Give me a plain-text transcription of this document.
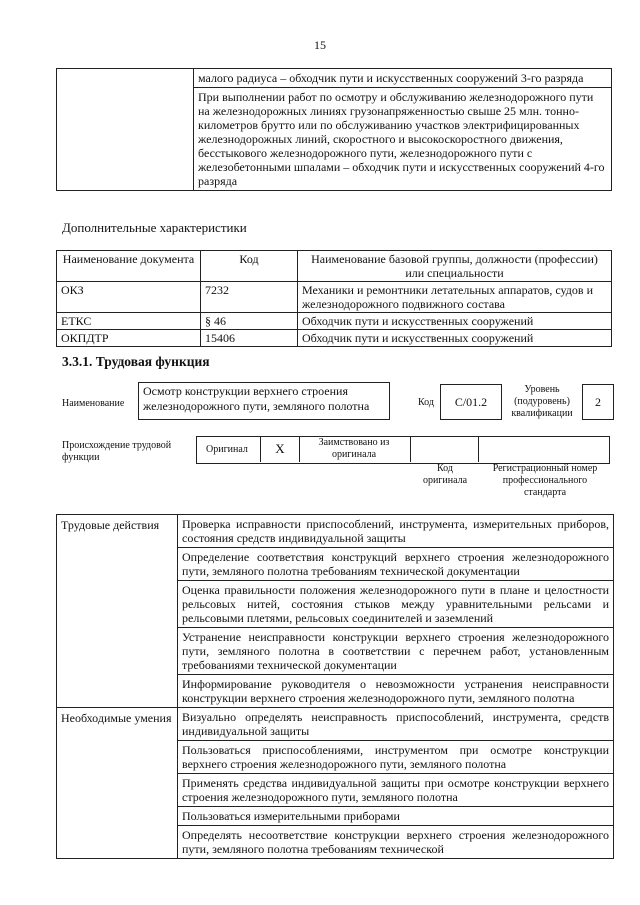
15
	малого радиуса – обходчик пути и искусственных сооружений 3-го разряда
При выполнении работ по осмотру и обслуживанию железнодорожного пути на железнодорожных линиях грузонапряженностью свыше 25 млн. тонно-километров брутто или по обслуживанию участков электрифицированных железнодорожных линий, скоростного и высокоскоростного движения, бесстыкового железнодорожного пути, железнодорожного пути с железобетонными шпалами – обходчик пути и искусственных сооружений 4-го разряда
Дополнительные характеристики
Наименование документа	Код	Наименование базовой группы, должности (профессии) или специальности
ОКЗ	7232	Механики и ремонтники летательных аппаратов, судов и железнодорожного подвижного состава
ЕТКС	§ 46	Обходчик пути и искусственных сооружений
ОКПДТР	15406	Обходчик пути и искусственных сооружений
3.3.1. Трудовая функция
Наименование
Осмотр конструкции верхнего строения железнодорожного пути, земляного полотна	Код	C/01.2
Уровень (подуровень) квалификации
2
Происхождение трудовой функции
Оригинал	X	Заимствовано из оригинала
Код оригинала
Регистрационный номер профессионального стандарта
Трудовые действия	Проверка исправности приспособлений, инструмента, измерительных приборов, состояния средств индивидуальной защиты
	Определение соответствия конструкций верхнего строения железнодорожного пути, земляного полотна требованиям технической документации
	Оценка правильности положения железнодорожного пути в плане и целостности рельсовых нитей, состояния стыков между уравнительными рельсами и рельсовыми плетями, рельсовых соединителей и заземлений
	Устранение неисправности конструкции верхнего строения железнодорожного пути, земляного полотна в соответствии с перечнем работ, установленным требованиями технической документации
	Информирование руководителя о невозможности устранения неисправности конструкции верхнего строения железнодорожного пути, земляного полотна
Необходимые умения	Визуально определять неисправность приспособлений, инструмента, средств индивидуальной защиты
	Пользоваться приспособлениями, инструментом при осмотре конструкции верхнего строения железнодорожного пути, земляного полотна
	Применять средства индивидуальной защиты при осмотре конструкции верхнего строения железнодорожного пути, земляного полотна
	Пользоваться измерительными приборами
	Определять несоответствие конструкции верхнего строения железнодорожного пути, земляного полотна требованиям технической
